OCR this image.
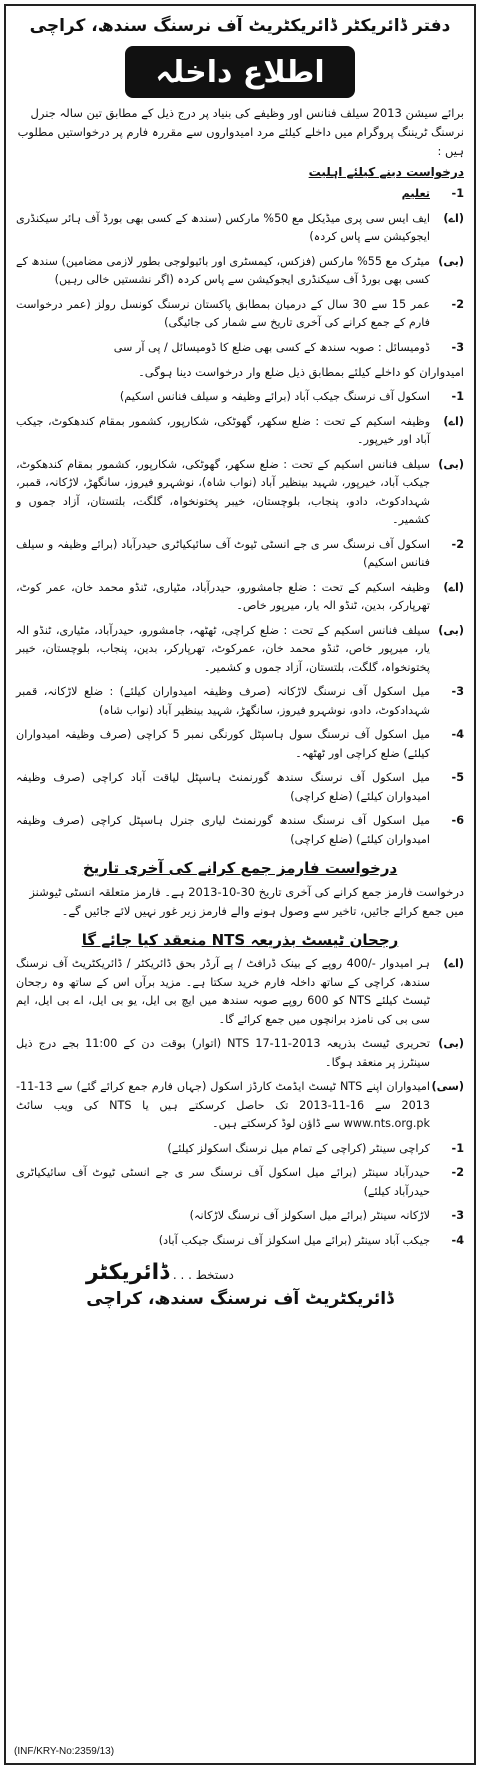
دفتر ڈائریکٹر ڈائریکٹریٹ آف نرسنگ سندھ، کراچی
اطلاع داخلہ

برائے سیشن 2013 سیلف فنانس اور وظیفے کی بنیاد پر درج ذیل کے مطابق تین سالہ جنرل نرسنگ ٹریننگ پروگرام میں داخلے کیلئے مرد امیدواروں سے مقررہ فارم پر درخواستیں مطلوب ہیں :

درخواست دینے کیلئے اہلیت
1-
تعلیم
(اے)
ایف ایس سی پری میڈیکل مع 50% مارکس (سندھ کے کسی بھی بورڈ آف ہائر سیکنڈری ایجوکیشن سے پاس کردہ)
(بی)
میٹرک مع 55% مارکس (فزکس، کیمسٹری اور بائیولوجی بطور لازمی مضامین) سندھ کے کسی بھی بورڈ آف سیکنڈری ایجوکیشن سے پاس کردہ (اگر نشستیں خالی رہیں)
2-
عمر 15 سے 30 سال کے درمیان بمطابق پاکستان نرسنگ کونسل رولز (عمر درخواست فارم کے جمع کرانے کی آخری تاریخ سے شمار کی جائیگی)
3-
ڈومیسائل : صوبہ سندھ کے کسی بھی ضلع کا ڈومیسائل / پی آر سی

امیدواران کو داخلے کیلئے بمطابق ذیل ضلع وار درخواست دینا ہوگی۔

1-
اسکول آف نرسنگ جیکب آباد (برائے وظیفہ و سیلف فنانس اسکیم)
(اے)
وظیفہ اسکیم کے تحت : ضلع سکھر، گھوٹکی، شکارپور، کشمور بمقام کندھکوٹ، جیکب آباد اور خیرپور۔
(بی)
سیلف فنانس اسکیم کے تحت : ضلع سکھر، گھوٹکی، شکارپور، کشمور بمقام کندھکوٹ، جیکب آباد، خیرپور، شہید بینظیر آباد (نواب شاہ)، نوشہرو فیروز، سانگھڑ، لاڑکانہ، قمبر، شہدادکوٹ، دادو، پنجاب، بلوچستان، خیبر پختونخواہ، گلگت، بلتستان، آزاد جموں و کشمیر۔
2-
اسکول آف نرسنگ سر ی جے انسٹی ٹیوٹ آف سائیکیاٹری حیدرآباد (برائے وظیفہ و سیلف فنانس اسکیم)
(اے)
وظیفہ اسکیم کے تحت : ضلع جامشورو، حیدرآباد، مٹیاری، ٹنڈو محمد خان، عمر کوٹ، تھرپارکر، بدین، ٹنڈو الہ یار، میرپور خاص۔
(بی)
سیلف فنانس اسکیم کے تحت : ضلع کراچی، ٹھٹھہ، جامشورو، حیدرآباد، مٹیاری، ٹنڈو الہ یار، میرپور خاص، ٹنڈو محمد خان، عمرکوٹ، تھرپارکر، بدین، پنجاب، بلوچستان، خیبر پختونخواہ، گلگت، بلتستان، آزاد جموں و کشمیر۔
3-
میل اسکول آف نرسنگ لاڑکانہ (صرف وظیفہ امیدواران کیلئے) : ضلع لاڑکانہ، قمبر شہدادکوٹ، دادو، نوشہرو فیروز، سانگھڑ، شہید بینظیر آباد (نواب شاہ)
4-
میل اسکول آف نرسنگ سول ہاسپٹل کورنگی نمبر 5 کراچی (صرف وظیفہ امیدواران کیلئے) ضلع کراچی اور ٹھٹھہ۔
5-
میل اسکول آف نرسنگ سندھ گورنمنٹ ہاسپٹل لیاقت آباد کراچی (صرف وظیفہ امیدواران کیلئے) (ضلع کراچی)
6-
میل اسکول آف نرسنگ سندھ گورنمنٹ لیاری جنرل ہاسپٹل کراچی (صرف وظیفہ امیدواران کیلئے) (ضلع کراچی)
درخواست فارمز جمع کرانے کی آخری تاریخ

درخواست فارمز جمع کرانے کی آخری تاریخ 30-10-2013 ہے۔ فارمز متعلقہ انسٹی ٹیوشنز میں جمع کرائے جائیں، تاخیر سے وصول ہونے والے فارمز زیر غور نہیں لائے جائیں گے۔

رجحان ٹیسٹ بذریعہ NTS منعقد کیا جائے گا
(اے)
ہر امیدوار -/400 روپے کے بینک ڈرافٹ / پے آرڈر بحق ڈائریکٹر / ڈائریکٹریٹ آف نرسنگ سندھ، کراچی کے ساتھ داخلہ فارم خرید سکتا ہے۔ مزید برآں اس کے ساتھ وہ رجحان ٹیسٹ کیلئے NTS کو 600 روپے صوبہ سندھ میں ایچ بی ایل، یو بی ایل، اے بی ایل، ایم سی بی کی نامزد برانچوں میں جمع کرائے گا۔
(بی)
تحریری ٹیسٹ بذریعہ NTS 17-11-2013 (اتوار) بوقت دن کے 11:00 بجے درج ذیل سینٹرز پر منعقد ہوگا۔
(سی)
امیدواران اپنے NTS ٹیسٹ ایڈمٹ کارڈز اسکول (جہاں فارم جمع کرائے گئے) سے 13-11-2013 سے 16-11-2013 تک حاصل کرسکتے ہیں یا NTS کی ویب سائٹ www.nts.org.pk سے ڈاؤن لوڈ کرسکتے ہیں۔
1-
کراچی سینٹر (کراچی کے تمام میل نرسنگ اسکولز کیلئے)
2-
حیدرآباد سینٹر (برائے میل اسکول آف نرسنگ سر ی جے انسٹی ٹیوٹ آف سائیکیاٹری حیدرآباد کیلئے)
3-
لاڑکانہ سینٹر (برائے میل اسکولز آف نرسنگ لاڑکانہ)
4-
جیکب آباد سینٹر (برائے میل اسکولز آف نرسنگ جیکب آباد)
دستخط . . . ڈائریکٹر
ڈائریکٹریٹ آف نرسنگ سندھ، کراچی
(INF/KRY-No:2359/13)
